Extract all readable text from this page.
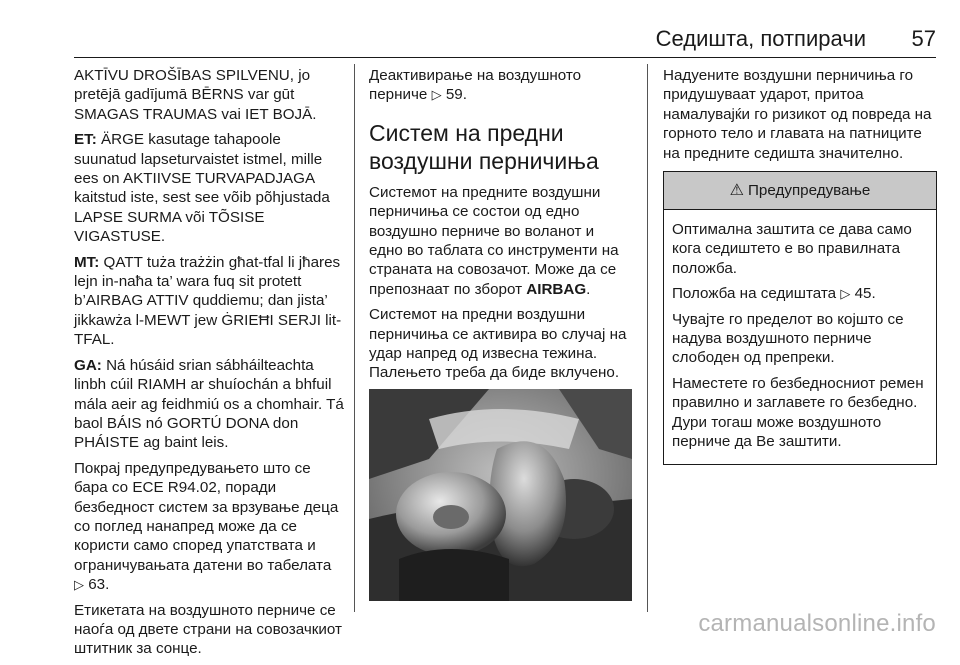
Седишта, потпирачи 57

AKTĪVU DROŠĪBAS SPILVENU, jo pretējā gadījumā BĒRNS var gūt SMAGAS TRAUMAS vai IET BOJĀ.

ET: ÄRGE kasutage tahapoole suunatud lapseturvaistet istmel, mille ees on AKTIIVSE TURVAPADJAGA kaitstud iste, sest see võib põhjustada LAPSE SURMA või TÕSISE VIGASTUSE.

MT: QATT tuża trażżin għat-tfal li jħares lejn in-naħa ta’ wara fuq sit protett b’AIRBAG ATTIV quddiemu; dan jista’ jikkawża l-MEWT jew ĠRIEĦI SERJI lit-TFAL.

GA: Ná húsáid srian sábháilteachta linbh cúil RIAMH ar shuíochán a bhfuil mála aeir ag feidhmiú os a chomhair. Tá baol BÁIS nó GORTÚ DONA don PHÁISTE ag baint leis.

Покрај предупредувањето што се бара со ECE R94.02, поради безбедност систем за врзување деца со поглед нанапред може да се користи само според упатствата и ограничувањата датени во табелата ▷ 63.

Етикетата на воздушното перниче се наоѓа од двете страни на совозачкиот штитник за сонце.

Деактивирање на воздушното перниче ▷ 59.

Систем на предни воздушни перничиња

Системот на предните воздушни перничиња се состои од едно воздушно перниче во воланот и едно во таблата со инструменти на страната на совозачот. Може да се препознаат по зборот AIRBAG.

Системот на предни воздушни перничиња се активира во случај на удар напред од извесна тежина. Палењето треба да биде вклучено.

Надуените воздушни перничиња го придушуваат ударот, притоа намалувајќи го ризикот од повреда на горното тело и главата на патниците на предните седишта значително.

⚠ Предупредување

Оптимална заштита се дава само кога седиштето е во правилната положба.

Положба на седиштата ▷ 45.

Чувајте го пределот во којшто се надува воздушното перниче слободен од препреки.

Наместете го безбедносниот ремен правилно и заглавете го безбедно. Дури тогаш може воздушното перниче да Ве заштити.

carmanualsonline.info
